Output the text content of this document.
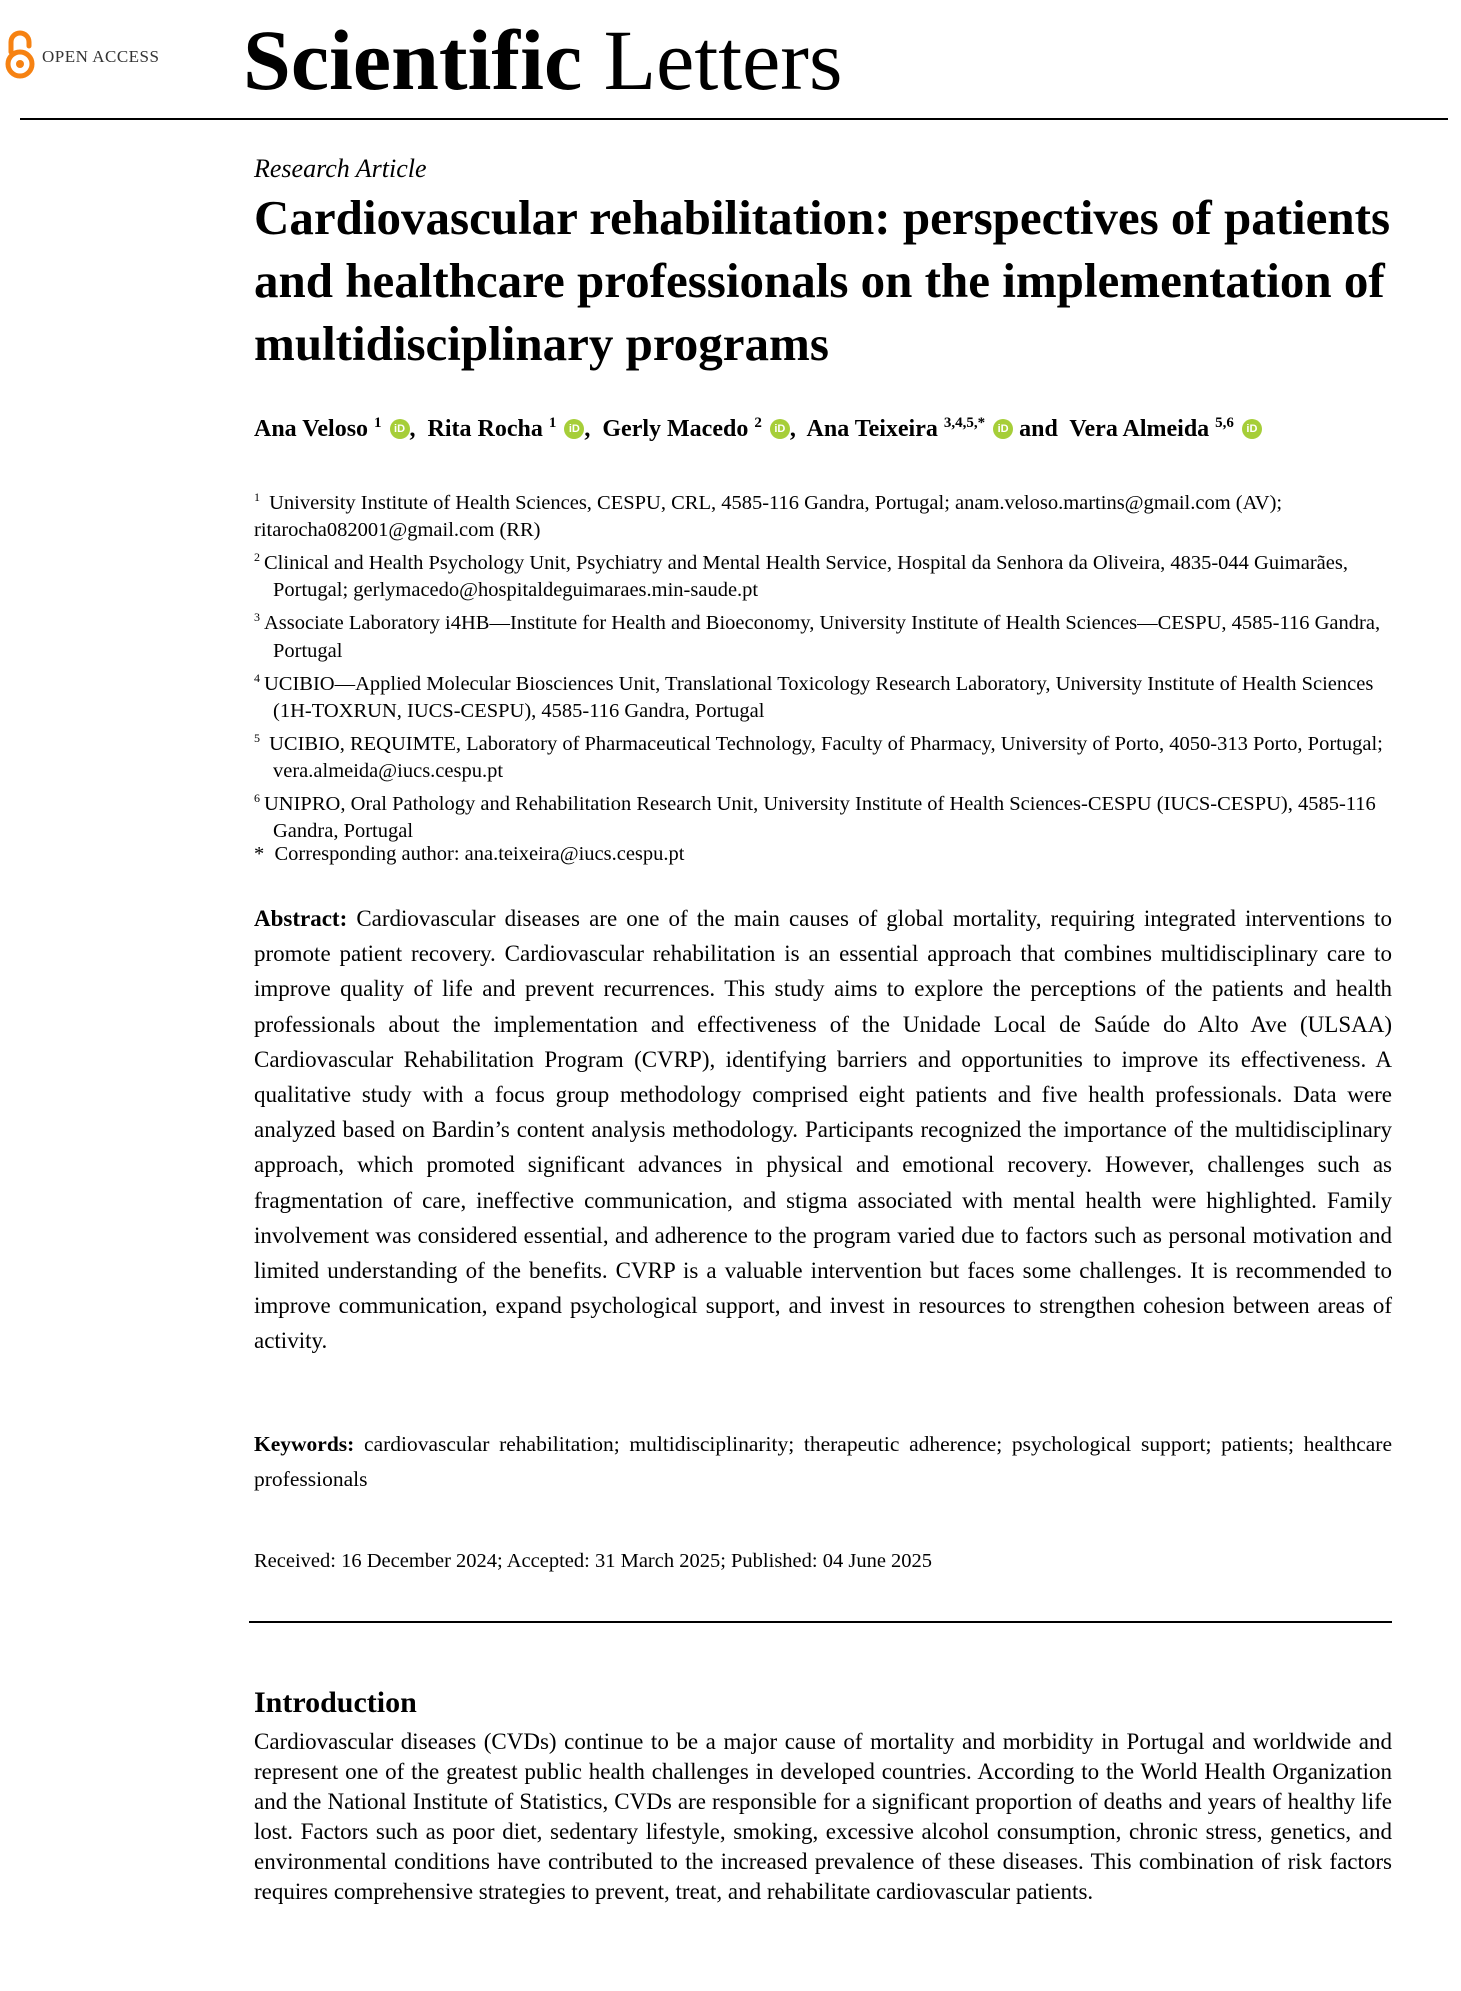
OPEN ACCESS Scientific Letters
Research Article
Cardiovascular rehabilitation: perspectives of patients and healthcare professionals on the implementation of multidisciplinary programs
Ana Veloso $^1$ iD ,  Rita Rocha $^1$ iD ,  Gerly Macedo $^2$ iD ,  Ana Teixeira $^{3,4,5,*}$ iD and  Vera Almeida $^{5,6}$ iD
$^1$ University Institute of Health Sciences, CESPU, CRL, 4585-116 Gandra, Portugal; anam.veloso.martins@gmail.com (AV); ritarocha082001@gmail.com (RR)
$^2$ Clinical and Health Psychology Unit, Psychiatry and Mental Health Service, Hospital da Senhora da Oliveira, 4835-044 Guimarães, Portugal; gerlymacedo@hospitaldeguimaraes.min-saude.pt
$^3$ Associate Laboratory i4HB—Institute for Health and Bioeconomy, University Institute of Health Sciences—CESPU, 4585-116 Gandra, Portugal
$^4$ UCIBIO—Applied Molecular Biosciences Unit, Translational Toxicology Research Laboratory, University Institute of Health Sciences (1H-TOXRUN, IUCS-CESPU), 4585-116 Gandra, Portugal
$^5$ UCIBIO, REQUIMTE, Laboratory of Pharmaceutical Technology, Faculty of Pharmacy, University of Porto, 4050-313 Porto, Portugal; vera.almeida@iucs.cespu.pt
$^6$ UNIPRO, Oral Pathology and Rehabilitation Research Unit, University Institute of Health Sciences-CESPU (IUCS-CESPU), 4585-116 Gandra, Portugal
*  Corresponding author: ana.teixeira@iucs.cespu.pt
Abstract: Cardiovascular diseases are one of the main causes of global mortality, requiring integrated interventions to promote patient recovery. Cardiovascular rehabilitation is an essential approach that combines multidisciplinary care to improve quality of life and prevent recurrences. This study aims to explore the perceptions of the patients and health professionals about the implementation and effectiveness of the Unidade Local de Saúde do Alto Ave (ULSAA) Cardiovascular Rehabilitation Program (CVRP), identifying barriers and opportunities to improve its effectiveness. A qualitative study with a focus group methodology comprised eight patients and five health professionals. Data were analyzed based on Bardin’s content analysis methodology. Participants recognized the importance of the multidisciplinary approach, which promoted significant advances in physical and emotional recovery. However, challenges such as fragmentation of care, ineffective communication, and stigma associated with mental health were highlighted. Family involvement was considered essential, and adherence to the program varied due to factors such as personal motivation and limited understanding of the benefits. CVRP is a valuable intervention but faces some challenges. It is recommended to improve communication, expand psychological support, and invest in resources to strengthen cohesion between areas of activity.
Keywords: cardiovascular rehabilitation; multidisciplinarity; therapeutic adherence; psychological support; patients; healthcare professionals
Received: 16 December 2024; Accepted: 31 March 2025; Published: 04 June 2025
Introduction
Cardiovascular diseases (CVDs) continue to be a major cause of mortality and morbidity in Portugal and worldwide and represent one of the greatest public health challenges in developed countries. According to the World Health Organization and the National Institute of Statistics, CVDs are responsible for a significant proportion of deaths and years of healthy life lost. Factors such as poor diet, sedentary lifestyle, smoking, excessive alcohol consumption, chronic stress, genetics, and environmental conditions have contributed to the increased prevalence of these diseases. This combination of risk factors requires comprehensive strategies to prevent, treat, and rehabilitate cardiovascular patients.
